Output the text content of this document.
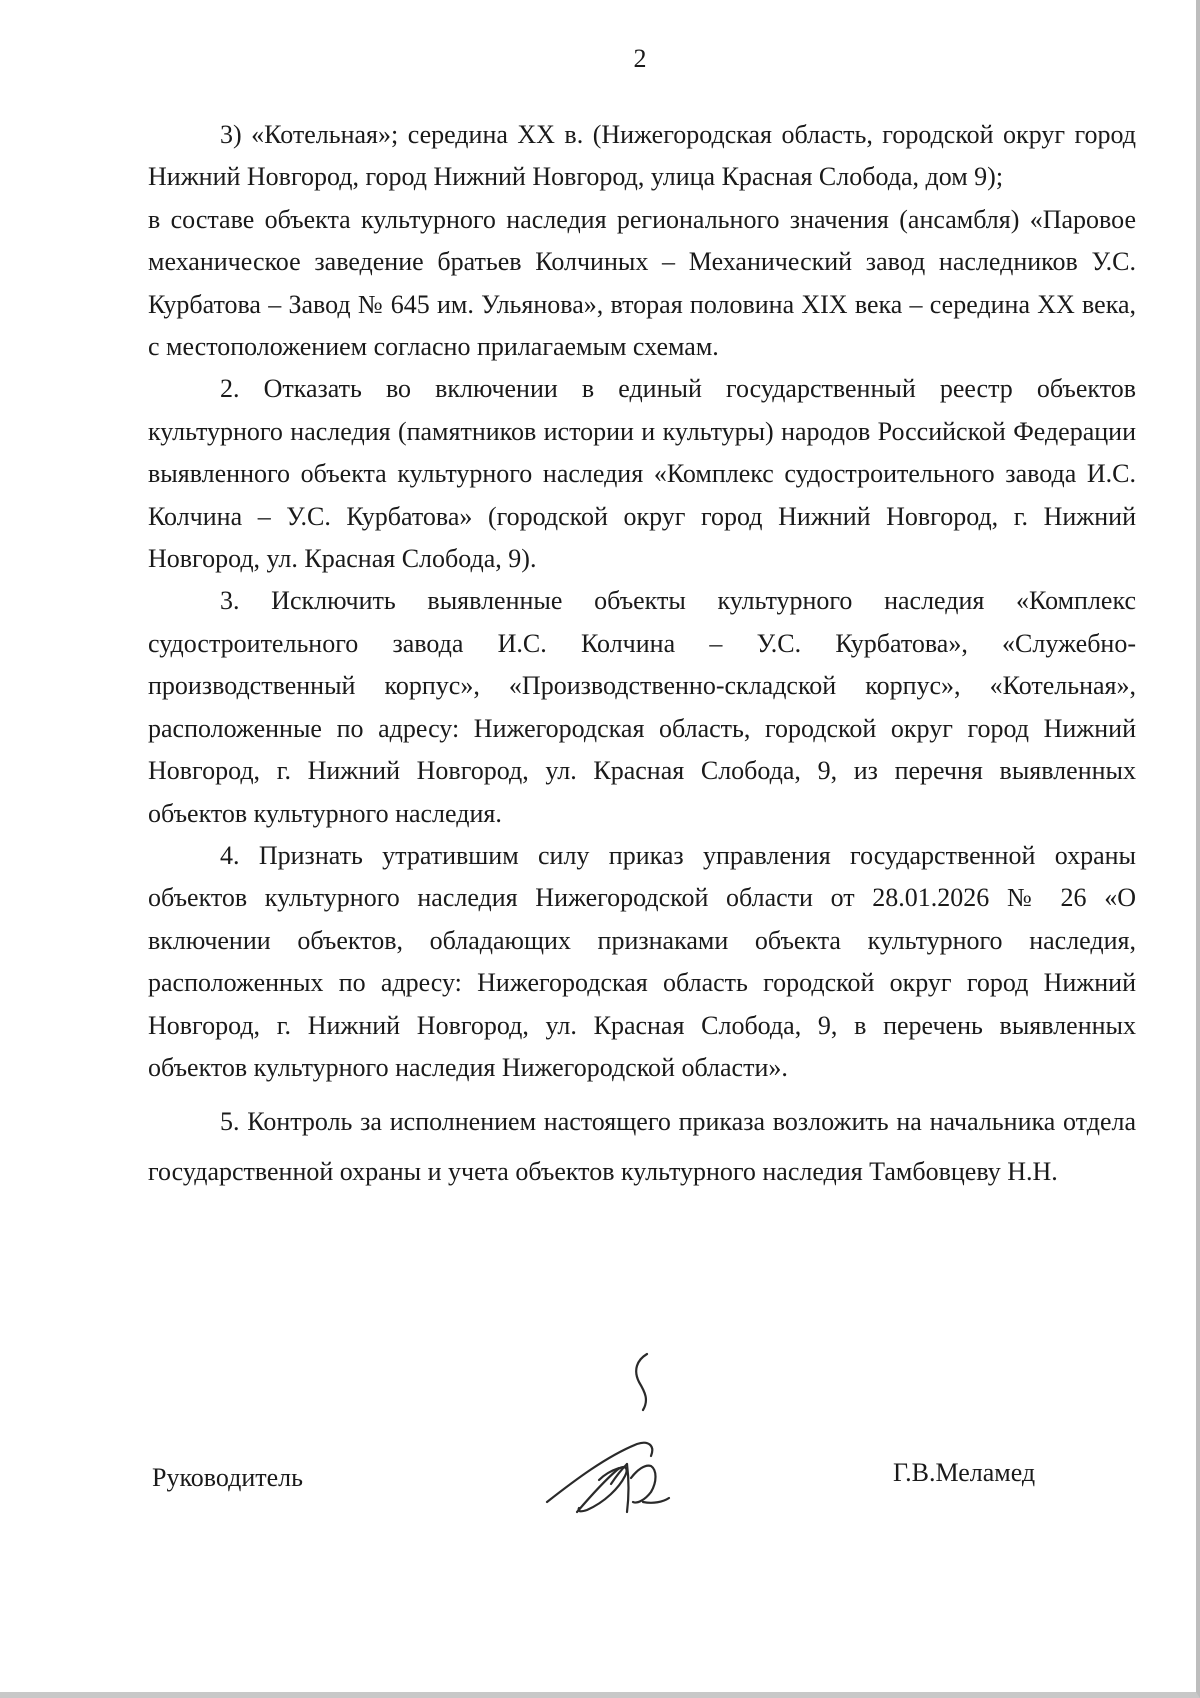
2

3) «Котельная»; середина XX в. (Нижегородская область, городской округ город Нижний Новгород, город Нижний Новгород, улица Красная Слобода, дом 9);

в составе объекта культурного наследия регионального значения (ансамбля) «Паровое механическое заведение братьев Колчиных – Механический завод наследников У.С. Курбатова – Завод № 645 им. Ульянова», вторая половина XIX века – середина XX века, с местоположением согласно прилагаемым схемам.

2. Отказать во включении в единый государственный реестр объектов культурного наследия (памятников истории и культуры) народов Российской Федерации выявленного объекта культурного наследия «Комплекс судостроительного завода И.С. Колчина – У.С. Курбатова» (городской округ город Нижний Новгород, г. Нижний Новгород, ул. Красная Слобода, 9).

3. Исключить выявленные объекты культурного наследия «Комплекс судостроительного завода И.С. Колчина – У.С. Курбатова», «Служебно-производственный корпус», «Производственно-складской корпус», «Котельная», расположенные по адресу: Нижегородская область, городской округ город Нижний Новгород, г. Нижний Новгород, ул. Красная Слобода, 9, из перечня выявленных объектов культурного наследия.

4. Признать утратившим силу приказ управления государственной охраны объектов культурного наследия Нижегородской области от 28.01.2026 № 26 «О включении объектов, обладающих признаками объекта культурного наследия, расположенных по адресу: Нижегородская область городской округ город Нижний Новгород, г. Нижний Новгород, ул. Красная Слобода, 9, в перечень выявленных объектов культурного наследия Нижегородской области».

5. Контроль за исполнением настоящего приказа возложить на начальника отдела государственной охраны и учета объектов культурного наследия Тамбовцеву Н.Н.

Руководитель	Г.В.Меламед
